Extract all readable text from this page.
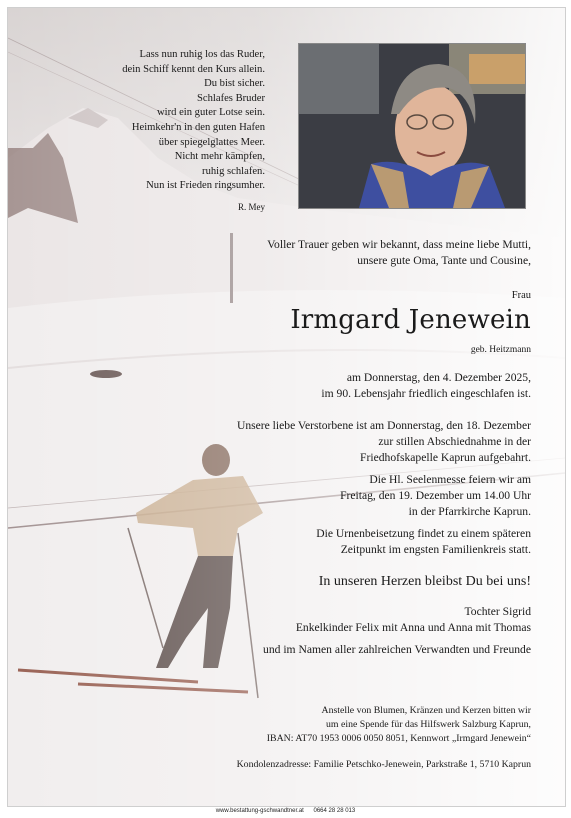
Lass nun ruhig los das Ruder,
dein Schiff kennt den Kurs allein.
Du bist sicher.
Schlafes Bruder
wird ein guter Lotse sein.
Heimkehr'n in den guten Hafen
über spiegelglattes Meer.
Nicht mehr kämpfen,
ruhig schlafen.
Nun ist Frieden ringsumher.
R. Mey
Voller Trauer geben wir bekannt, dass meine liebe Mutti,
unsere gute Oma, Tante und Cousine,
Frau
Irmgard Jenewein
geb. Heitzmann
am Donnerstag, den 4. Dezember 2025,
im 90. Lebensjahr friedlich eingeschlafen ist.
Unsere liebe Verstorbene ist am Donnerstag, den 18. Dezember
zur stillen Abschiednahme in der
Friedhofskapelle Kaprun aufgebahrt.
Die Hl. Seelenmesse feiern wir am
Freitag, den 19. Dezember um 14.00 Uhr
in der Pfarrkirche Kaprun.
Die Urnenbeisetzung findet zu einem späteren
Zeitpunkt im engsten Familienkreis statt.
In unseren Herzen bleibst Du bei uns!
Tochter Sigrid
Enkelkinder Felix mit Anna und Anna mit Thomas
und im Namen aller zahlreichen Verwandten und Freunde
Anstelle von Blumen, Kränzen und Kerzen bitten wir
um eine Spende für das Hilfswerk Salzburg Kaprun,
IBAN: AT70 1953 0006 0050 8051, Kennwort „Irmgard Jenewein“
Kondolenzadresse: Familie Petschko-Jenewein, Parkstraße 1, 5710 Kaprun
www.bestattung-gschwandtner.at 0664 28 28 013
